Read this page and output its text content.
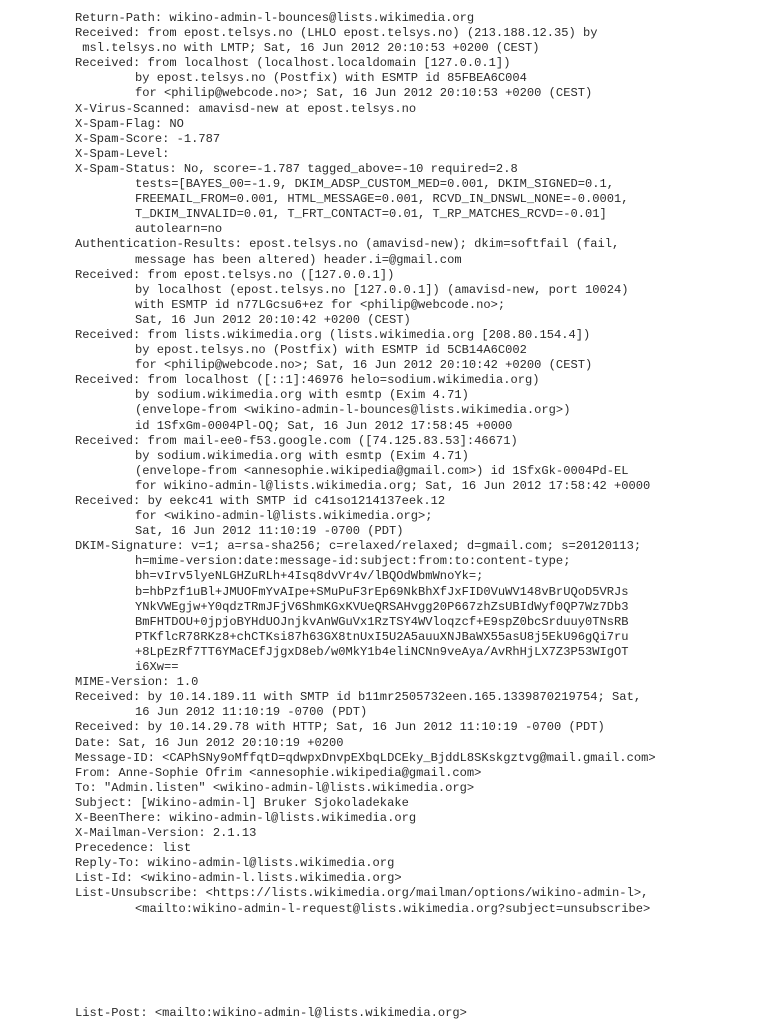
Return-Path: wikino-admin-l-bounces@lists.wikimedia.org
Received: from epost.telsys.no (LHLO epost.telsys.no) (213.188.12.35) by
msl.telsys.no with LMTP; Sat, 16 Jun 2012 20:10:53 +0200 (CEST)
Received: from localhost (localhost.localdomain [127.0.0.1])
by epost.telsys.no (Postfix) with ESMTP id 85FBEA6C004
for <philip@webcode.no>; Sat, 16 Jun 2012 20:10:53 +0200 (CEST)
X-Virus-Scanned: amavisd-new at epost.telsys.no
X-Spam-Flag: NO
X-Spam-Score: -1.787
X-Spam-Level:
X-Spam-Status: No, score=-1.787 tagged_above=-10 required=2.8
tests=[BAYES_00=-1.9, DKIM_ADSP_CUSTOM_MED=0.001, DKIM_SIGNED=0.1,
FREEMAIL_FROM=0.001, HTML_MESSAGE=0.001, RCVD_IN_DNSWL_NONE=-0.0001,
T_DKIM_INVALID=0.01, T_FRT_CONTACT=0.01, T_RP_MATCHES_RCVD=-0.01]
autolearn=no
Authentication-Results: epost.telsys.no (amavisd-new); dkim=softfail (fail,
message has been altered) header.i=@gmail.com
Received: from epost.telsys.no ([127.0.0.1])
by localhost (epost.telsys.no [127.0.0.1]) (amavisd-new, port 10024)
with ESMTP id n77LGcsu6+ez for <philip@webcode.no>;
Sat, 16 Jun 2012 20:10:42 +0200 (CEST)
Received: from lists.wikimedia.org (lists.wikimedia.org [208.80.154.4])
by epost.telsys.no (Postfix) with ESMTP id 5CB14A6C002
for <philip@webcode.no>; Sat, 16 Jun 2012 20:10:42 +0200 (CEST)
Received: from localhost ([::1]:46976 helo=sodium.wikimedia.org)
by sodium.wikimedia.org with esmtp (Exim 4.71)
(envelope-from <wikino-admin-l-bounces@lists.wikimedia.org>)
id 1SfxGm-0004Pl-OQ; Sat, 16 Jun 2012 17:58:45 +0000
Received: from mail-ee0-f53.google.com ([74.125.83.53]:46671)
by sodium.wikimedia.org with esmtp (Exim 4.71)
(envelope-from <annesophie.wikipedia@gmail.com>) id 1SfxGk-0004Pd-EL
for wikino-admin-l@lists.wikimedia.org; Sat, 16 Jun 2012 17:58:42 +0000
Received: by eekc41 with SMTP id c41so1214137eek.12
for <wikino-admin-l@lists.wikimedia.org>;
Sat, 16 Jun 2012 11:10:19 -0700 (PDT)
DKIM-Signature: v=1; a=rsa-sha256; c=relaxed/relaxed; d=gmail.com; s=20120113;
h=mime-version:date:message-id:subject:from:to:content-type;
bh=vIrv5lyeNLGHZuRLh+4Isq8dvVr4v/lBQOdWbmWnoYk=;
b=hbPzf1uBl+JMUOFmYvAIpe+SMuPuF3rEp69NkBhXfJxFID0VuWV148vBrUQoD5VRJs
YNkVWEgjw+Y0qdzTRmJFjV6ShmKGxKVUeQRSAHvgg20P667zhZsUBIdWyf0QP7Wz7Db3
BmFHTDOU+0jpjoBYHdUOJnjkvAnWGuVx1RzTSY4WVloqzcf+E9spZ0bcSrduuy0TNsRB
PTKflcR78RKz8+chCTKsi87h63GX8tnUxI5U2A5auuXNJBaWX55asU8j5EkU96gQi7ru
+8LpEzRf7TT6YMaCEfJjgxD8eb/w0MkY1b4eliNCNn9veAya/AvRhHjLX7Z3P53WIgOT
i6Xw==
MIME-Version: 1.0
Received: by 10.14.189.11 with SMTP id b11mr2505732een.165.1339870219754; Sat,
16 Jun 2012 11:10:19 -0700 (PDT)
Received: by 10.14.29.78 with HTTP; Sat, 16 Jun 2012 11:10:19 -0700 (PDT)
Date: Sat, 16 Jun 2012 20:10:19 +0200
Message-ID: <CAPhSNy9oMffqtD=qdwpxDnvpEXbqLDCEky_BjddL8SKskgztvg@mail.gmail.com>
From: Anne-Sophie Ofrim <annesophie.wikipedia@gmail.com>
To: "Admin.listen" <wikino-admin-l@lists.wikimedia.org>
Subject: [Wikino-admin-l] Bruker Sjokoladekake
X-BeenThere: wikino-admin-l@lists.wikimedia.org
X-Mailman-Version: 2.1.13
Precedence: list
Reply-To: wikino-admin-l@lists.wikimedia.org
List-Id: <wikino-admin-l.lists.wikimedia.org>
List-Unsubscribe: <https://lists.wikimedia.org/mailman/options/wikino-admin-l>,
<mailto:wikino-admin-l-request@lists.wikimedia.org?subject=unsubscribe>
List-Post: <mailto:wikino-admin-l@lists.wikimedia.org>
